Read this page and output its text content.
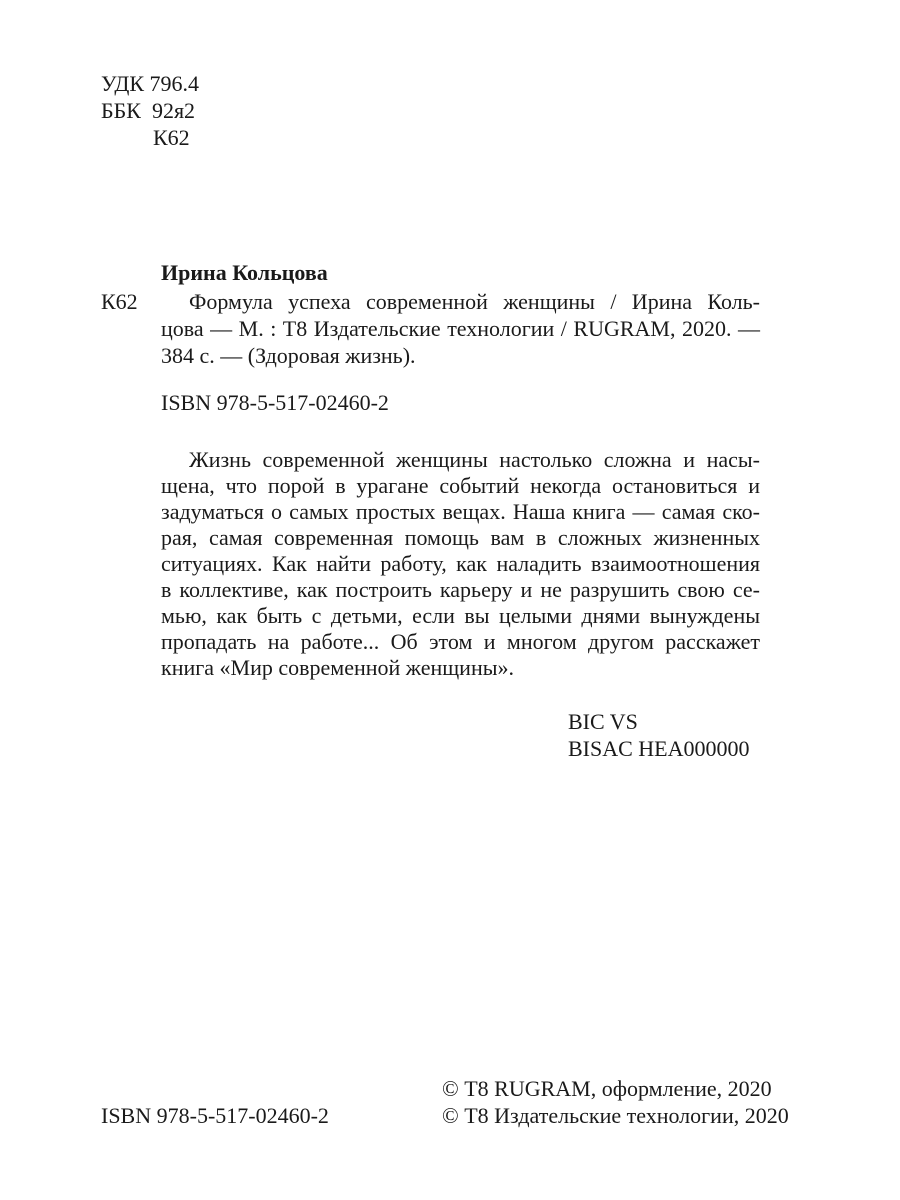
УДК 796.4
ББК  92я2
К62
Ирина Кольцова
К62 Формула успеха современной женщины / Ирина Коль-
цова — М. : Т8 Издательские технологии / RUGRAM, 2020. —
384 с. — (Здоровая жизнь).
ISBN 978-5-517-02460-2
Жизнь современной женщины настолько сложна и насы-
щена, что порой в урагане событий некогда остановиться и
задуматься о самых простых вещах. Наша книга — самая ско-
рая, самая современная помощь вам в сложных жизненных
ситуациях. Как найти работу, как наладить взаимоотношения
в коллективе, как построить карьеру и не разрушить свою се-
мью, как быть с детьми, если вы целыми днями вынуждены
пропадать на работе... Об этом и многом другом расскажет
книга «Мир современной женщины».
BIC VS
BISAC HEA000000
ISBN 978-5-517-02460-2
© Т8 RUGRAM, оформление, 2020
© Т8 Издательские технологии, 2020
